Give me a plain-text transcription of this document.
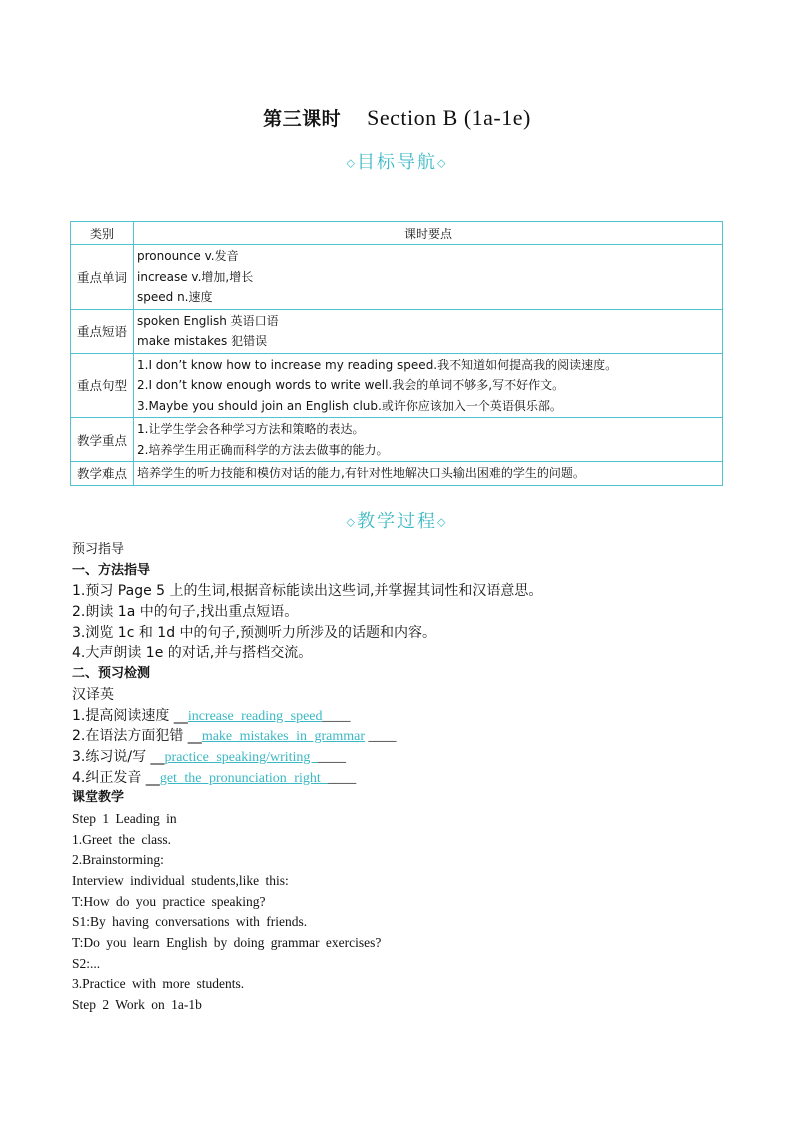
第三课时 Section B (1a-1e)
◇目标导航◇
类别	课时要点
重点单词	pronounce v.发音
increase v.增加,增长
speed n.速度

重点短语	spoken English 英语口语
make mistakes 犯错误

重点句型	1.I don’t know how to increase my reading speed.我不知道如何提高我的阅读速度。
2.I don’t know enough words to write well.我会的单词不够多,写不好作文。
3.Maybe you should join an English club.或许你应该加入一个英语俱乐部。

教学重点	1.让学生学会各种学习方法和策略的表达。
2.培养学生用正确而科学的方法去做事的能力。

教学难点	培养学生的听力技能和模仿对话的能力,有针对性地解决口头输出困难的学生的问题。
◇教学过程◇
预习指导
一、方法指导
1.预习 Page 5 上的生词,根据音标能读出这些词,并掌握其词性和汉语意思。
2.朗读 1a 中的句子,找出重点短语。
3.浏览 1c 和 1d 中的句子,预测听力所涉及的话题和内容。
4.大声朗读 1e 的对话,并与搭档交流。
二、预习检测
汉译英
1.提高阅读速度 __increase reading speed____
2.在语法方面犯错 __make mistakes in grammar ____
3.练习说/写 __practice speaking/writing ____
4.纠正发音 __get the pronunciation right ____
课堂教学
Step 1 Leading in
1.Greet the class.
2.Brainstorming:
Interview individual students,like this:
T:How do you practice speaking?
S1:By having conversations with friends.
T:Do you learn English by doing grammar exercises?
S2:...
3.Practice with more students.
Step 2 Work on 1a-1b
